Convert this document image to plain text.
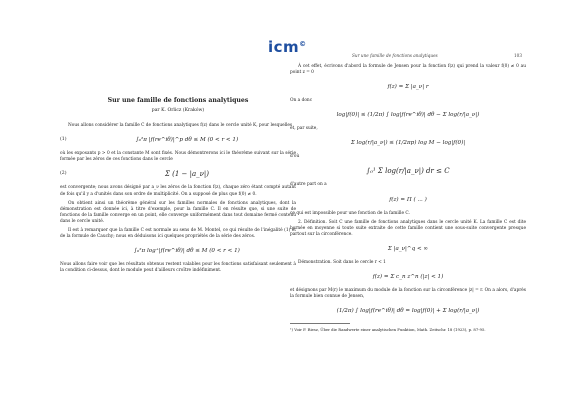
icm©
Sur une famille de fonctions analytiques
par K. Orlicz (Kraków)

Nous allons considérer la famille C de fonctions analytiques f(z) dans le cercle unité K, pour lesquelles

(1)	∫₀²π |f(re^iθ)|^p dθ ≤ M (0 < r < 1)

où les exposants p > 0 et la constante M sont fixés. Nous démontrerons ici le théorème suivant sur la série formée par les zéros de ces fonctions dans le cercle

(2)	Σ (1 − |a_ν|)

est convergente; nous avons désigné par a_ν les zéros de la fonction f(z), chaque zéro étant compté autant de fois qu'il y a d'unités dans son ordre de multiplicité. On a supposé de plus que f(0) ≠ 0.

On obtient ainsi un théorème général sur les familles normales de fonctions analytiques, dont la démonstration est donnée ici, à titre d'exemple, pour la famille C. Il en résulte que, si une suite de fonctions de la famille converge en un point, elle converge uniformément dans tout domaine fermé contenu dans le cercle unité.

Il est à remarquer que la famille C est normale au sens de M. Montel, ce qui résulte de l'inégalité (1) et de la formule de Cauchy; nous en déduisons ici quelques propriétés de la série des zéros.

∫₀²π log⁺|f(re^iθ)| dθ ≤ M (0 < r < 1)

Nous allons faire voir que les résultats obtenus restent valables pour les fonctions satisfaisant seulement à la condition ci-dessus, dont le module peut d'ailleurs croître indéfiniment.

Sur une famille de fonctions analytiques	103

À cet effet, écrivons d'abord la formule de Jensen pour la fonction f(z) qui prend la valeur f(0) ≠ 0 au point z = 0

f(z) = Σ |a_ν| r

On a donc

log|f(0)| ≤ (1/2π) ∫ log|f(re^iθ)| dθ − Σ log(r/|a_ν|)

et, par suite,

Σ log(r/|a_ν|) ≤ (1/2πp) log M − log|f(0)|

d'où

∫₀¹ Σ log(r/|a_ν|) dr ≤ C

d'autre part on a

f(z) = Π ( ... )

ce qui est impossible pour une fonction de la famille C.

2. Définition. Soit C une famille de fonctions analytiques dans le cercle unité K. La famille C est dite bornée en moyenne si toute suite extraite de cette famille contient une sous-suite convergente presque partout sur la circonférence.

Σ |a_ν|^q < ∞

Démonstration. Soit dans le cercle r < 1

f(z) = Σ c_n z^n (|z| < 1)

et désignons par M(r) le maximum du module de la fonction sur la circonférence |z| = r. On a alors, d'après la formule bien connue de Jensen,

(1/2π) ∫ log|f(re^iθ)| dθ = log|f(0)| + Σ log(r/|a_ν|)
¹) Voir F. Riesz, Über die Randwerte einer analytischen Funktion, Math. Zeitschr. 18 (1923), p. 87-95.
